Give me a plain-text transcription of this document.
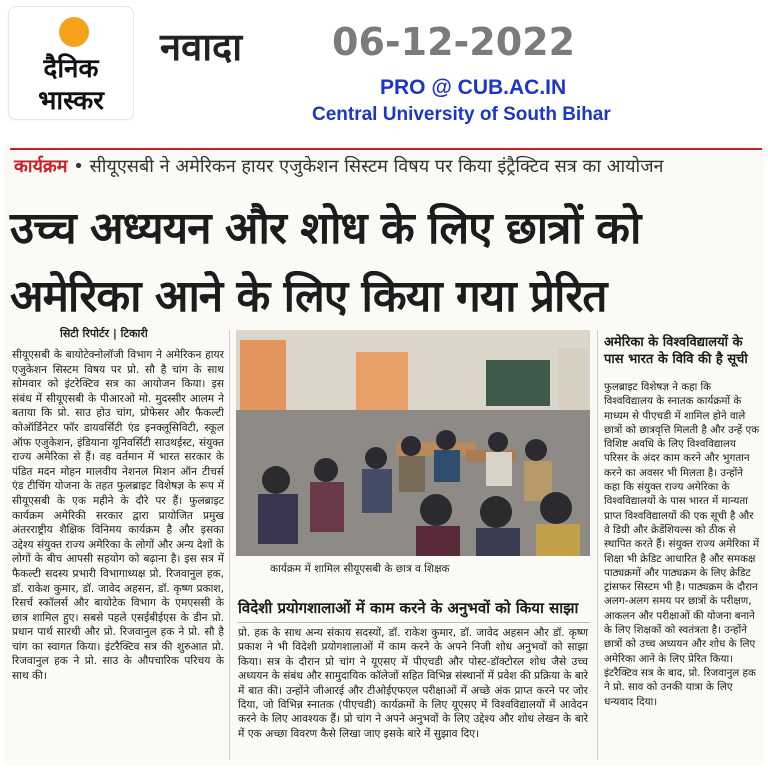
दैनिक
भास्कर
नवादा 06-12-2022
PRO @ CUB.AC.IN
Central University of South Bihar
कार्यक्रम • सीयूएसबी ने अमेरिकन हायर एजुकेशन सिस्टम विषय पर किया इंट्रैक्टिव सत्र का आयोजन
उच्च अध्ययन और शोध के लिए छात्रों को
अमेरिका आने के लिए किया गया प्रेरित
सिटी रिपोर्टर | टिकारी

सीयूएसबी के बायोटेक्नोलॉजी विभाग ने अमेरिकन हायर एजुकेशन सिस्टम विषय पर प्रो. सौ है चांग के साथ सोमवार को इंटरेक्टिव सत्र का आयोजन किया। इस संबंध में सीयूएसबी के पीआरओ मो. मुदस्सीर आलम ने बताया कि प्रो. साउ होउ चांग, प्रोफेसर और फैकल्टी कोऑर्डिनेटर फॉर डायवर्सिटी एंड इनक्लूसिविटी, स्कूल ऑफ एजुकेशन, इंडियाना यूनिवर्सिटी साउथईस्ट, संयुक्त राज्य अमेरिका से हैं। वह वर्तमान में भारत सरकार के पंडित मदन मोहन मालवीय नेशनल मिशन ऑन टीचर्स एंड टीचिंग योजना के तहत फुलब्राइट विशेषज्ञ के रूप में सीयूएसबी के एक महीने के दौरे पर हैं। फुलब्राइट कार्यक्रम अमेरिकी सरकार द्वारा प्रायोजित प्रमुख अंतरराष्ट्रीय शैक्षिक विनिमय कार्यक्रम है और इसका उद्देश्य संयुक्त राज्य अमेरिका के लोगों और अन्य देशों के लोगों के बीच आपसी सहयोग को बढ़ाना है। इस सत्र में फैकल्टी सदस्य प्रभारी विभागाध्यक्ष प्रो. रिजवानुल हक, डॉ. राकेश कुमार, डॉ. जावेद अहसन, डॉ. कृष्ण प्रकाश, रिसर्च स्कॉलर्स और बायोटेक विभाग के एमएससी के छात्र शामिल हुए। सबसे पहले एसईबीईएस के डीन प्रो. प्रधान पार्थ सारथी और प्रो. रिजवानुल हक ने प्रो. सौ है चांग का स्वागत किया। इंटरैक्टिव सत्र की शुरुआत प्रो. रिजवानुल हक ने प्रो. साउ के औपचारिक परिचय के साथ की।

कार्यक्रम में शामिल सीयूएसबी के छात्र व शिक्षक
विदेशी प्रयोगशालाओं में काम करने के अनुभवों को किया साझा

प्रो. हक के साथ अन्य संकाय सदस्यों, डॉ. राकेश कुमार, डॉ. जावेद अहसन और डॉ. कृष्ण प्रकाश ने भी विदेशी प्रयोगशालाओं में काम करने के अपने निजी शोध अनुभवों को साझा किया। सत्र के दौरान प्रो चांग ने यूएसए में पीएचडी और पोस्ट-डॉक्टोरल शोध जैसे उच्च अध्ययन के संबंध और सामुदायिक कॉलेजों सहित विभिन्न संस्थानों में प्रवेश की प्रक्रिया के बारे में बात की। उन्होंने जीआरई और टीओईएफएल परीक्षाओं में अच्छे अंक प्राप्त करने पर जोर दिया, जो विभिन्न स्नातक (पीएचडी) कार्यक्रमों के लिए यूएसए में विश्वविद्यालयों में आवेदन करने के लिए आवश्यक हैं। प्रो चांग ने अपने अनुभवों के लिए उद्देश्य और शोध लेखन के बारे में एक अच्छा विवरण कैसे लिखा जाए इसके बारे में सुझाव दिए।

अमेरिका के विश्वविद्यालयों के पास भारत के विवि की है सूची

फुलब्राइट विशेषज्ञ ने कहा कि विश्वविद्यालय के स्नातक कार्यक्रमों के माध्यम से पीएचडी में शामिल होने वाले छात्रों को छात्रवृत्ति मिलती है और उन्हें एक विशिष्ट अवधि के लिए विश्वविद्यालय परिसर के अंदर काम करने और भुगतान करने का अवसर भी मिलता है। उन्होंने कहा कि संयुक्त राज्य अमेरिका के विश्वविद्यालयों के पास भारत में मान्यता प्राप्त विश्वविद्यालयों की एक सूची है और वे डिग्री और क्रेडेंशियल्स को ठीक से स्थापित करते हैं। संयुक्त राज्य अमेरिका में शिक्षा भी क्रेडिट आधारित है और समकक्ष पाठ्यक्रमों और पाठ्यक्रम के लिए क्रेडिट ट्रांसफर सिस्टम भी है। पाठ्यक्रम के दौरान अलग-अलग समय पर छात्रों के परीक्षण, आकलन और परीक्षाओं की योजना बनाने के लिए शिक्षकों को स्वतंत्रता है। उन्होंने छात्रों को उच्च अध्ययन और शोध के लिए अमेरिका आने के लिए प्रेरित किया। इंटरैक्टिव सत्र के बाद, प्रो. रिजवानुल हक ने प्रो. साव को उनकी यात्रा के लिए धन्यवाद दिया।
